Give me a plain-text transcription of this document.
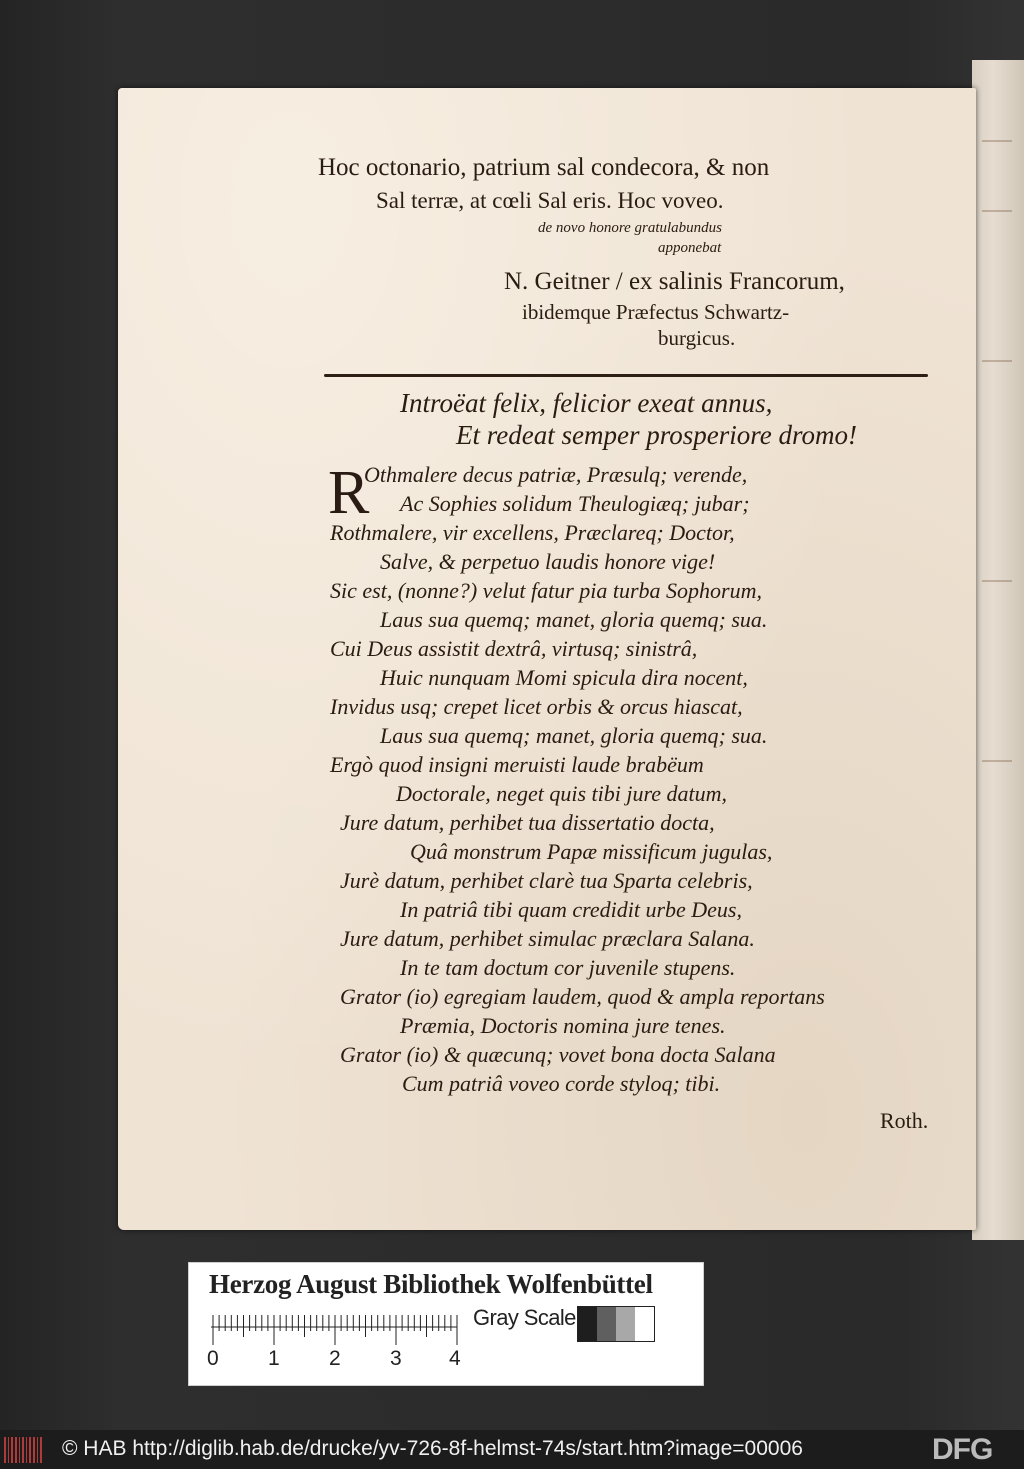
Hoc octonario, patrium sal condecora, & non
Sal terræ, at cœli Sal eris. Hoc voveo.
de novo honore gratulabundus
apponebat
N. Geitner / ex salinis Francorum,
ibidemque Præfectus Schwartz-
burgicus.
Introëat felix, felicior exeat annus,
Et redeat semper prosperiore dromo!
R
Othmalere decus patriæ, Præsulq; verende,
Ac Sophies solidum Theulogiæq; jubar;
Rothmalere, vir excellens, Præclareq; Doctor,
Salve, & perpetuo laudis honore vige!
Sic est, (nonne?) velut fatur pia turba Sophorum,
Laus sua quemq; manet, gloria quemq; sua.
Cui Deus assistit dextrâ, virtusq; sinistrâ,
Huic nunquam Momi spicula dira nocent,
Invidus usq; crepet licet orbis & orcus hiascat,
Laus sua quemq; manet, gloria quemq; sua.
Ergò quod insigni meruisti laude brabëum
Doctorale, neget quis tibi jure datum,
Jure datum, perhibet tua dissertatio docta,
Quâ monstrum Papæ missificum jugulas,
Jurè datum, perhibet clarè tua Sparta celebris,
In patriâ tibi quam credidit urbe Deus,
Jure datum, perhibet simulac præclara Salana.
In te tam doctum cor juvenile stupens.
Grator (io) egregiam laudem, quod & ampla reportans
Præmia, Doctoris nomina jure tenes.
Grator (io) & quæcunq; vovet bona docta Salana
Cum patriâ voveo corde styloq; tibi.
Roth.
Herzog August Bibliothek Wolfenbüttel
0 1 2 3 4
Gray Scale
© HAB http://diglib.hab.de/drucke/yv-726-8f-helmst-74s/start.htm?image=00006	DFG
